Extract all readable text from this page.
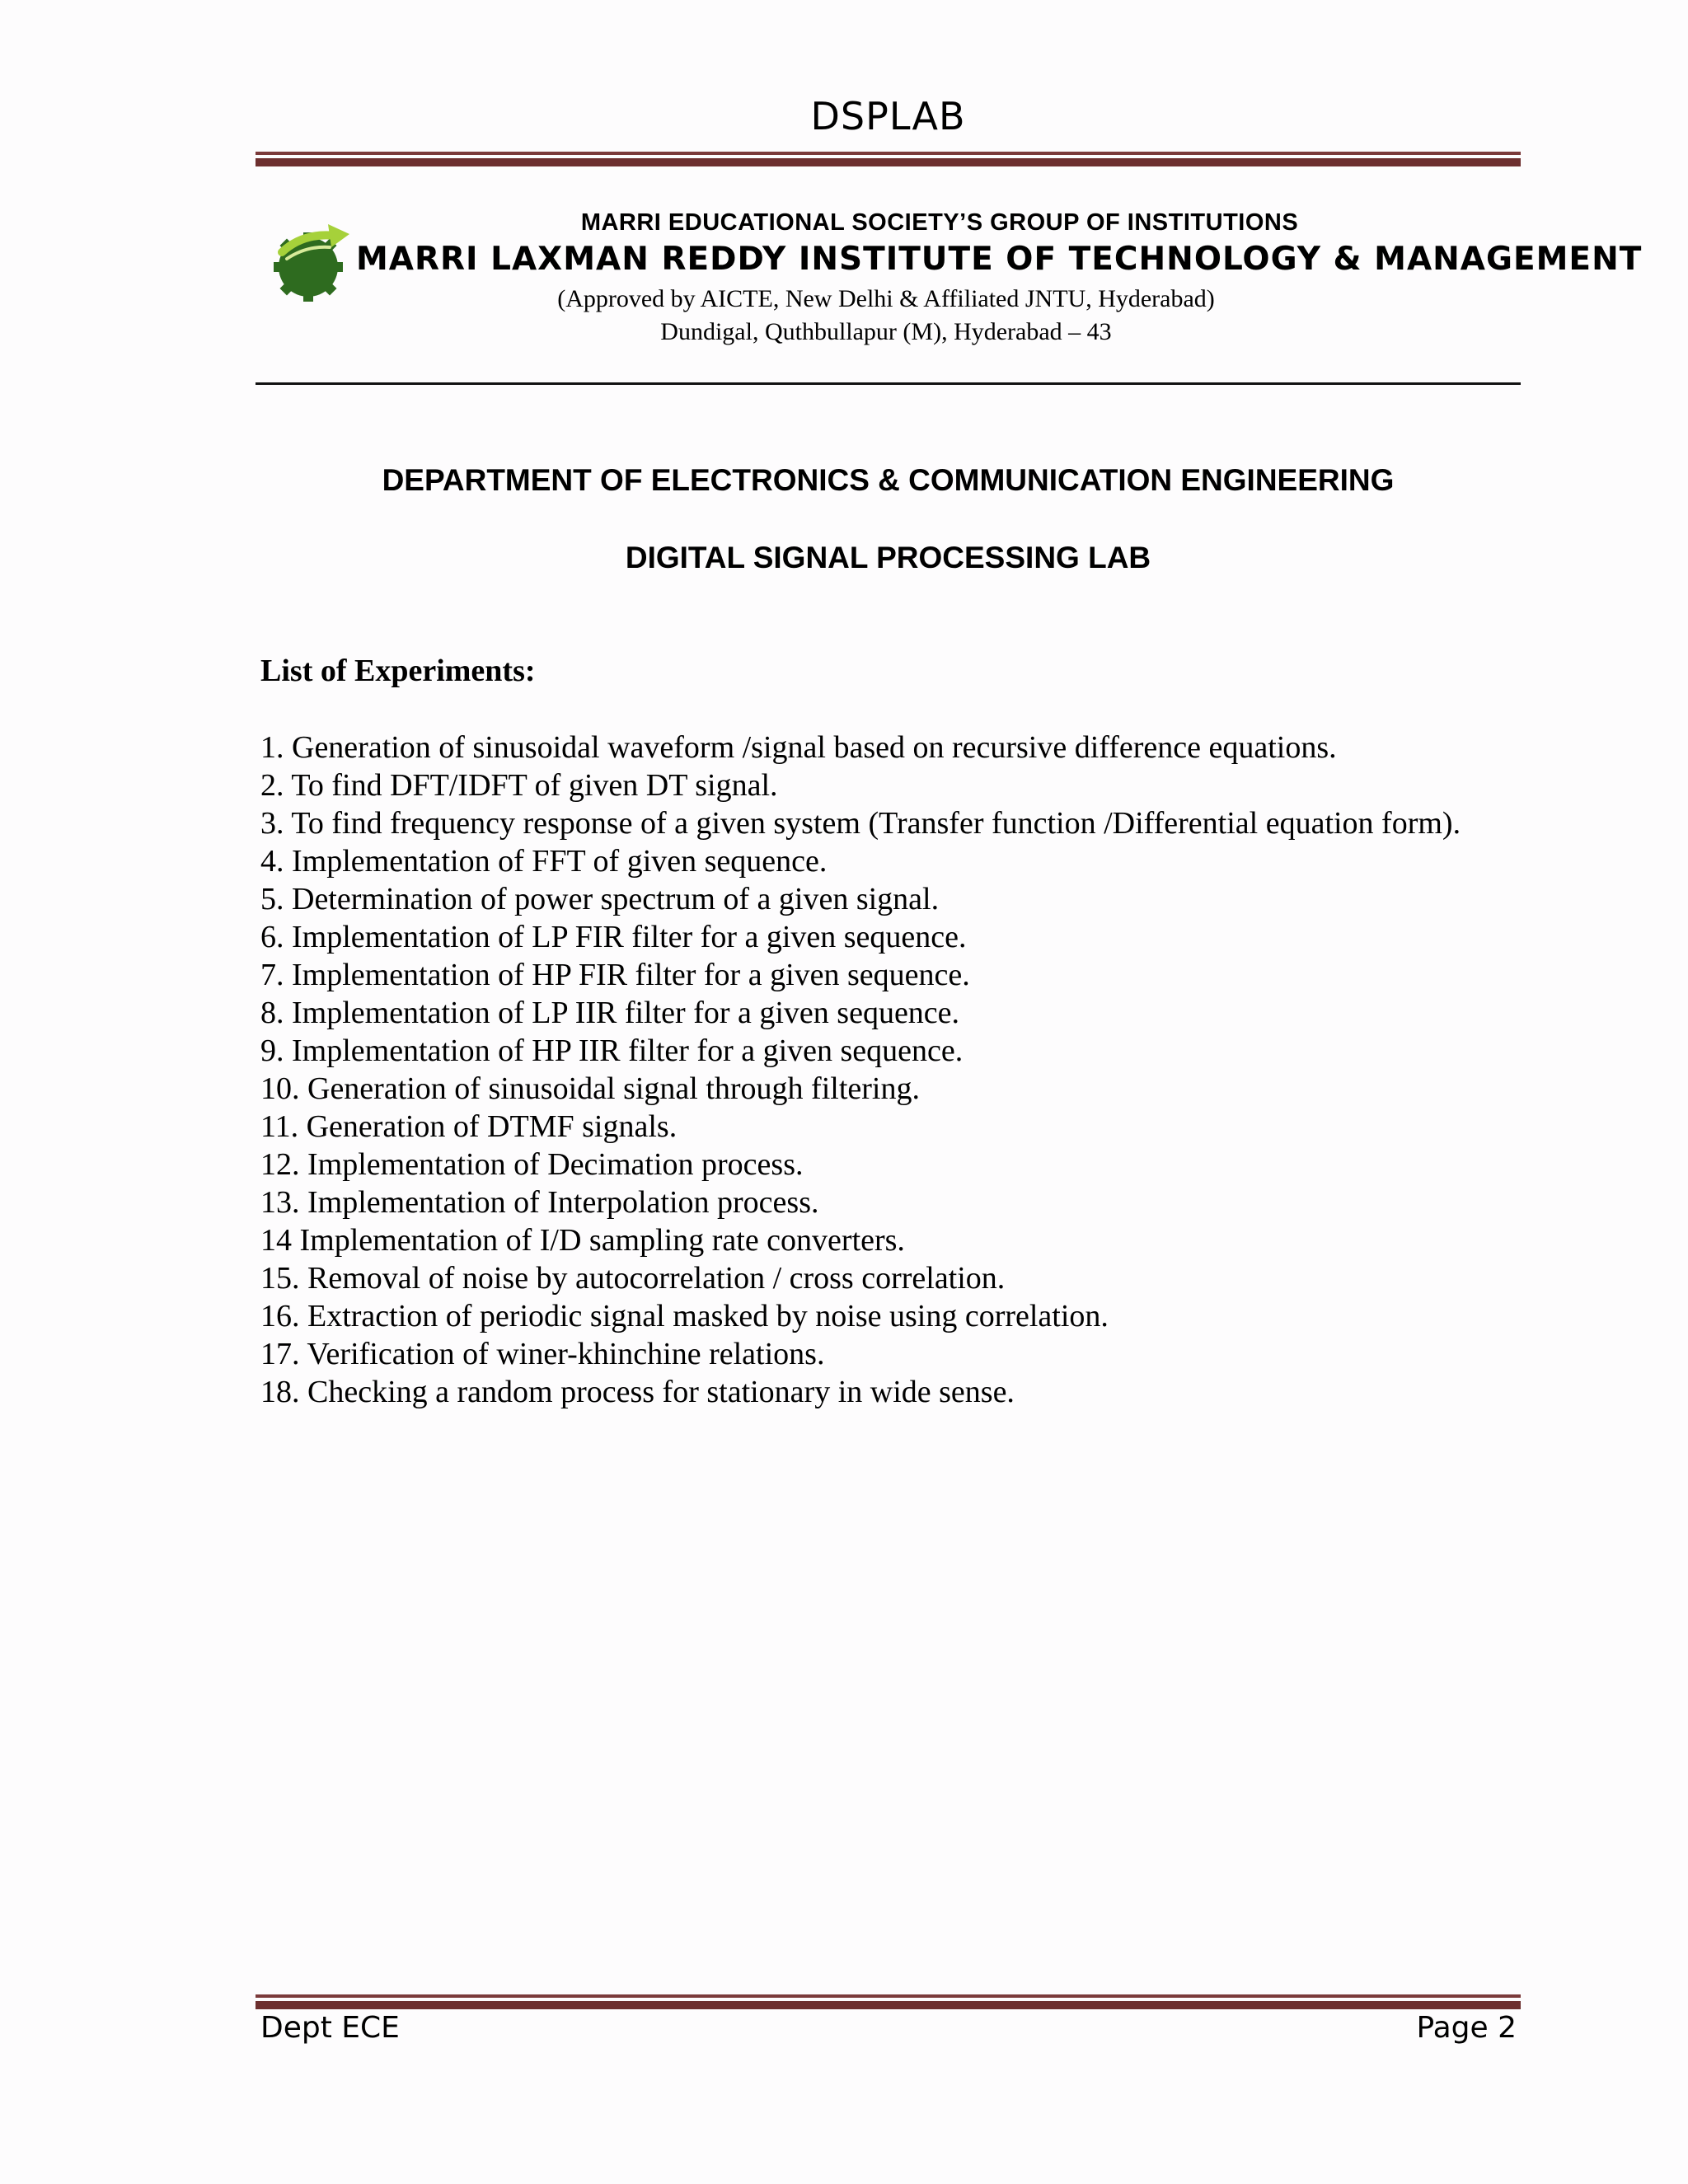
DSPLAB
MARRI EDUCATIONAL SOCIETY’S GROUP OF INSTITUTIONS
MARRI LAXMAN REDDY INSTITUTE OF TECHNOLOGY & MANAGEMENT
(Approved by AICTE, New Delhi & Affiliated JNTU, Hyderabad)
Dundigal, Quthbullapur (M), Hyderabad – 43
DEPARTMENT OF ELECTRONICS & COMMUNICATION ENGINEERING
DIGITAL SIGNAL PROCESSING LAB
List of Experiments:
1. Generation of sinusoidal waveform /signal based on recursive difference equations.
2. To find DFT/IDFT of given DT signal.
3. To find frequency response of a given system (Transfer function /Differential equation form).
4. Implementation of FFT of given sequence.
5. Determination of power spectrum of a given signal.
6. Implementation of LP FIR filter for a given sequence.
7. Implementation of HP FIR filter for a given sequence.
8. Implementation of LP IIR filter for a given sequence.
9. Implementation of HP IIR filter for a given sequence.
10. Generation of sinusoidal signal through filtering.
11. Generation of DTMF signals.
12. Implementation of Decimation process.
13. Implementation of Interpolation process.
14 Implementation of I/D sampling rate converters.
15. Removal of noise by autocorrelation / cross correlation.
16. Extraction of periodic signal masked by noise using correlation.
17. Verification of winer-khinchine relations.
18. Checking a random process for stationary in wide sense.
Dept ECE	Page 2
